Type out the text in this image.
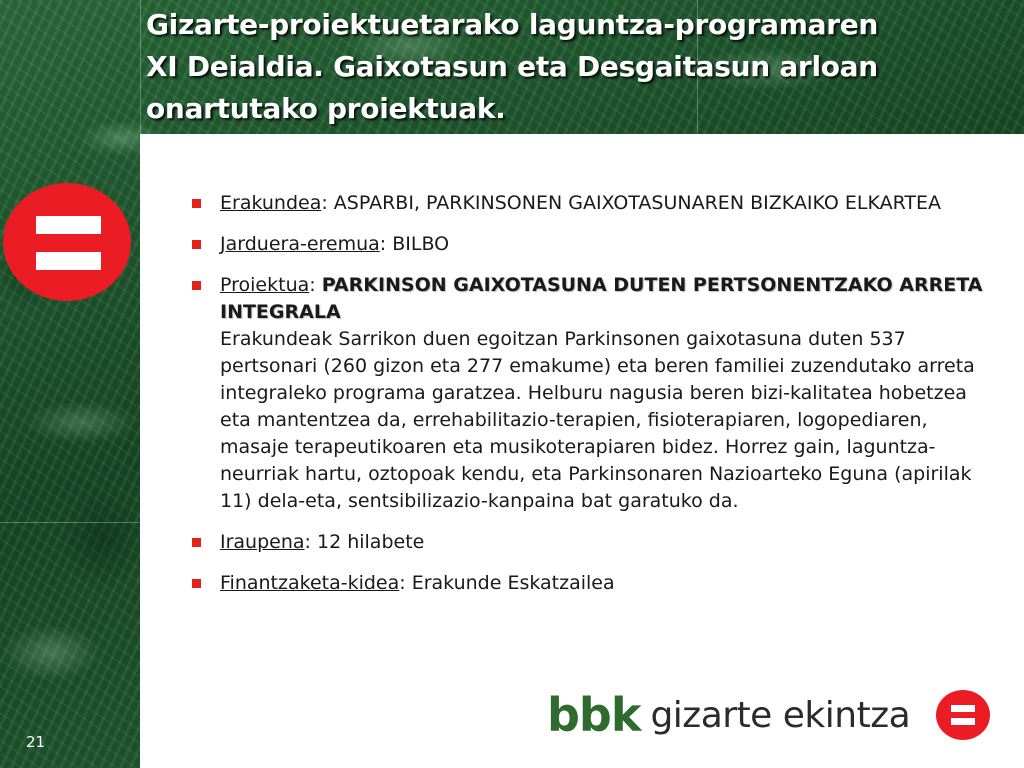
Gizarte-proiektuetarako laguntza-programaren
XI Deialdia. Gaixotasun eta Desgaitasun arloan
onartutako proiektuak.
Erakundea: ASPARBI, PARKINSONEN GAIXOTASUNAREN BIZKAIKO ELKARTEA
Jarduera-eremua: BILBO
Proiektua: PARKINSON GAIXOTASUNA DUTEN PERTSONENTZAKO ARRETA INTEGRALA
Erakundeak Sarrikon duen egoitzan Parkinsonen gaixotasuna duten 537 pertsonari (260 gizon eta 277 emakume) eta beren familiei zuzendutako arreta integraleko programa garatzea. Helburu nagusia beren bizi-kalitatea hobetzea eta mantentzea da, errehabilitazio-terapien, fisioterapiaren, logopediaren, masaje terapeutikoaren eta musikoterapiaren bidez. Horrez gain, laguntza-neurriak hartu, oztopoak kendu, eta Parkinsonaren Nazioarteko Eguna (apirilak 11) dela-eta, sentsibilizazio-kanpaina bat garatuko da.
Iraupena: 12 hilabete
Finantzaketa-kidea: Erakunde Eskatzailea
bbk gizarte ekintza
21
